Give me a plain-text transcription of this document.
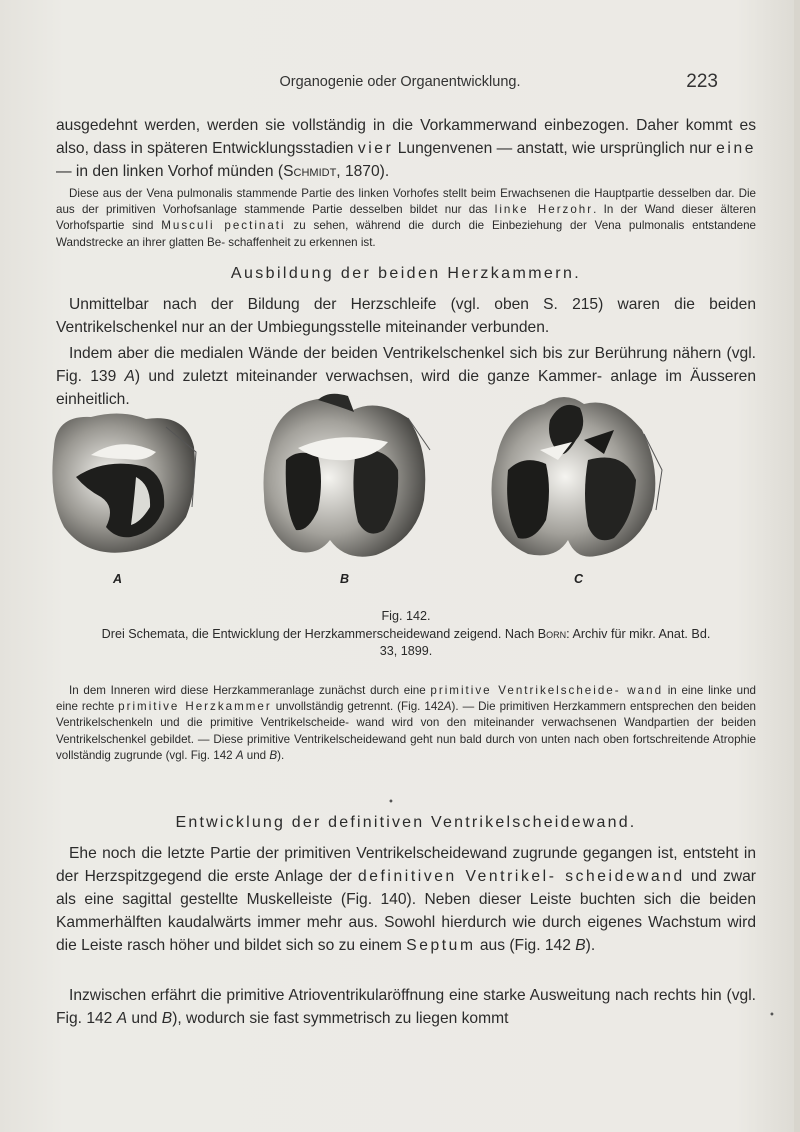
Organogenie oder Organentwicklung.	223
ausgedehnt werden, werden sie vollständig in die Vorkammerwand einbezogen. Daher kommt es also, dass in späteren Entwicklungsstadien vier Lungenvenen — anstatt, wie ursprünglich nur eine — in den linken Vorhof münden (Schmidt, 1870).
Diese aus der Vena pulmonalis stammende Partie des linken Vorhofes stellt beim Erwachsenen die Hauptpartie desselben dar. Die aus der primitiven Vorhofsanlage stammende Partie desselben bildet nur das linke Herzohr. In der Wand dieser älteren Vorhofspartie sind Musculi pectinati zu sehen, während die durch die Einbeziehung der Vena pulmonalis entstandene Wandstrecke an ihrer glatten Be- schaffenheit zu erkennen ist.
Ausbildung der beiden Herzkammern.
Unmittelbar nach der Bildung der Herzschleife (vgl. oben S. 215) waren die beiden Ventrikelschenkel nur an der Umbiegungsstelle miteinander verbunden.
Indem aber die medialen Wände der beiden Ventrikelschenkel sich bis zur Berührung nähern (vgl. Fig. 139 A) und zuletzt miteinander verwachsen, wird die ganze Kammer- anlage im Äusseren einheitlich.
A	B	C
Fig. 142.
Drei Schemata, die Entwicklung der Herzkammerscheidewand zeigend. Nach Born: Archiv für mikr. Anat. Bd. 33, 1899.
In dem Inneren wird diese Herzkammeranlage zunächst durch eine primitive Ventrikelscheide- wand in eine linke und eine rechte primitive Herzkammer unvollständig getrennt. (Fig. 142A). — Die primitiven Herzkammern entsprechen den beiden Ventrikelschenkeln und die primitive Ventrikelscheide- wand wird von den miteinander verwachsenen Wandpartien der beiden Ventrikelschenkel gebildet. — Diese primitive Ventrikelscheidewand geht nun bald durch von unten nach oben fortschreitende Atrophie vollständig zugrunde (vgl. Fig. 142 A und B).
Entwicklung der definitiven Ventrikelscheidewand.
Ehe noch die letzte Partie der primitiven Ventrikelscheidewand zugrunde gegangen ist, entsteht in der Herzspitzgegend die erste Anlage der definitiven Ventrikel- scheidewand und zwar als eine sagittal gestellte Muskelleiste (Fig. 140). Neben dieser Leiste buchten sich die beiden Kammerhälften kaudalwärts immer mehr aus. Sowohl hierdurch wie durch eigenes Wachstum wird die Leiste rasch höher und bildet sich so zu einem Septum aus (Fig. 142 B).
Inzwischen erfährt die primitive Atrioventrikularöffnung eine starke Ausweitung nach rechts hin (vgl. Fig. 142 A und B), wodurch sie fast symmetrisch zu liegen kommt
•
•
